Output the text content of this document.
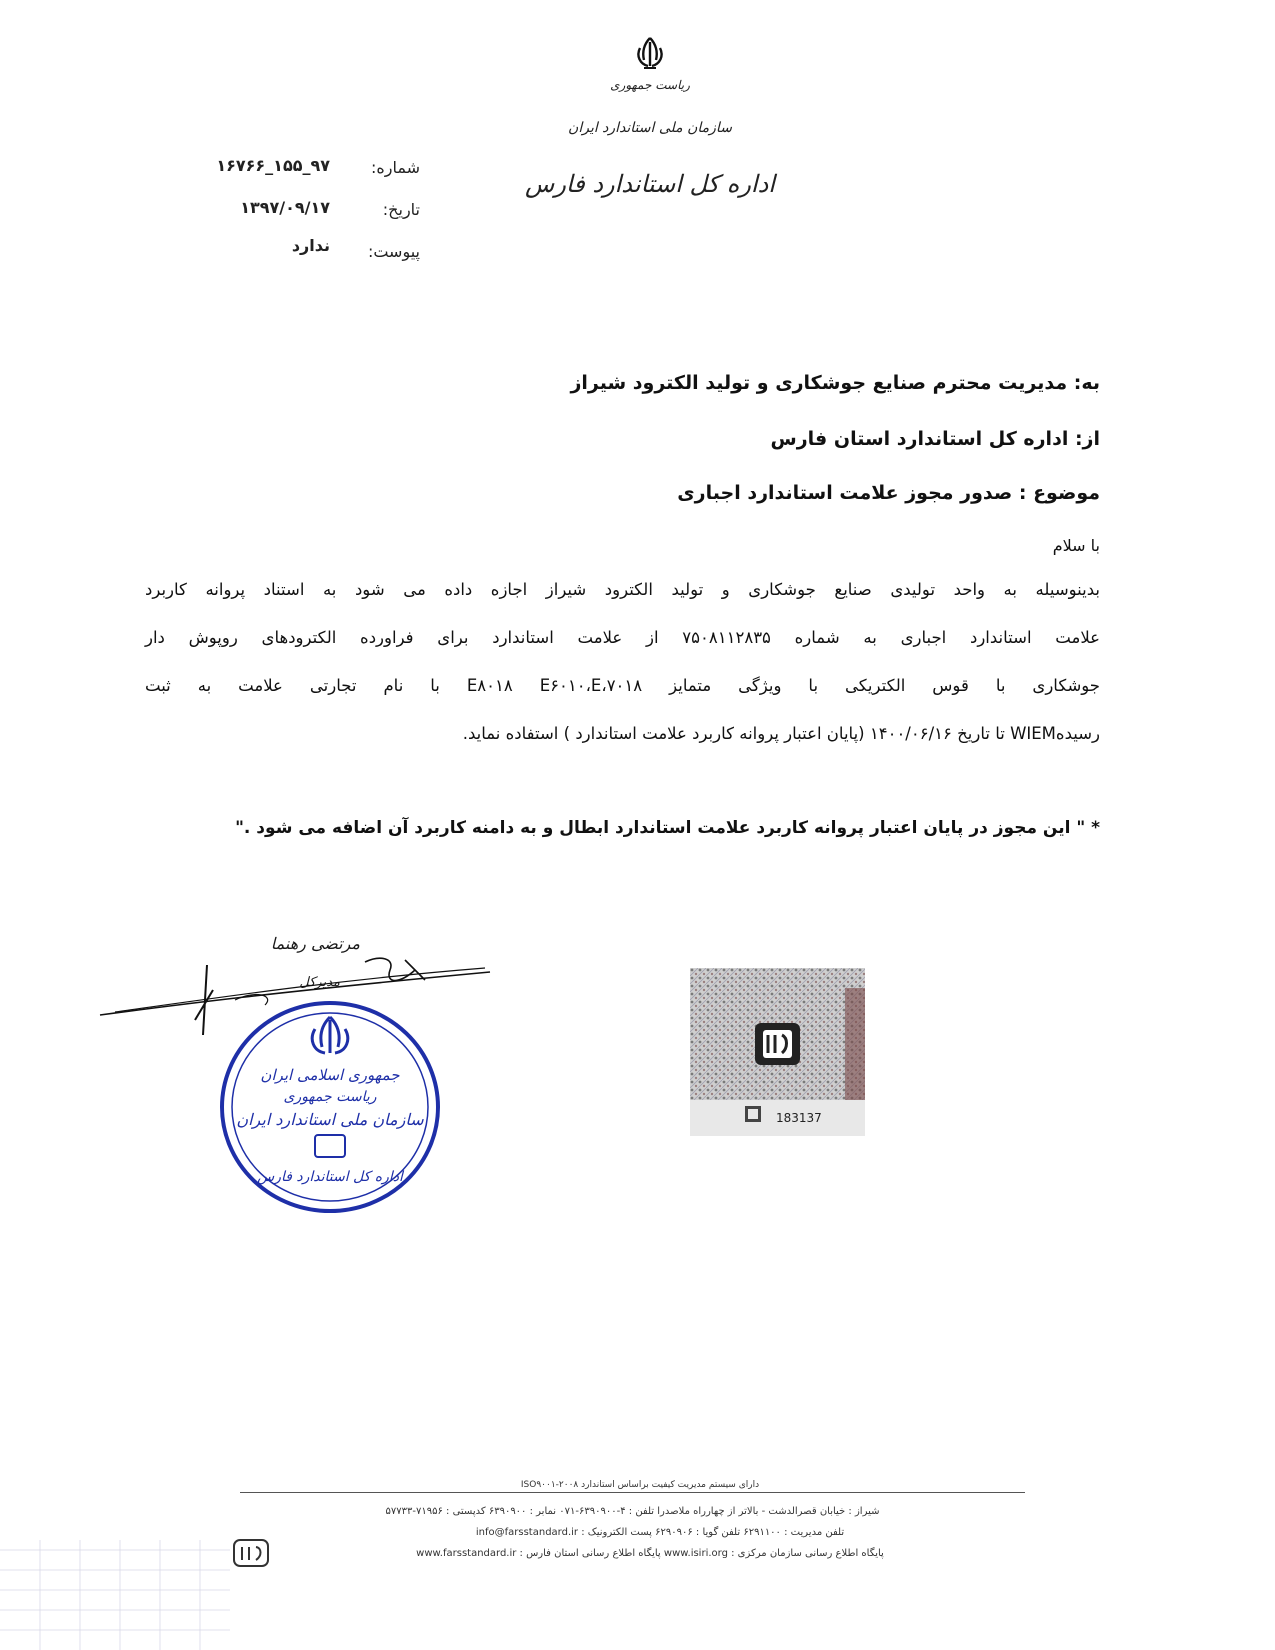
ریاست جمهوری
سازمان ملی استاندارد ایران
اداره کل استاندارد فارس
شماره:
۹۷_۱۵۵_۱۶۷۶۶
تاریخ:
۱۳۹۷/۰۹/۱۷
پیوست:
ندارد
به: مدیریت محترم صنایع جوشکاری و تولید الکترود شیراز
از: اداره کل استاندارد استان فارس
موضوع : صدور مجوز علامت استاندارد اجباری
با سلام
بدینوسیله به واحد تولیدی صنایع جوشکاری و تولید الکترود شیراز اجازه داده می شود به استناد پروانه کاربرد
علامت استاندارد اجباری به شماره ۷۵۰۸۱۱۲۸۳۵ از علامت استاندارد برای فراورده الکترودهای روپوش دار
جوشکاری با قوس الکتریکی با ویژگی متمایز ۷۰۱۸،E۸۰۱۸ E۶۰۱۰،E با نام تجارتی علامت به ثبت
رسیدهWIEM تا تاریخ ۱۴۰۰/۰۶/۱۶ (پایان اعتبار پروانه کاربرد علامت استاندارد ) استفاده نماید.
* " این مجوز در پایان اعتبار پروانه کاربرد علامت استاندارد ابطال و به دامنه کاربرد آن اضافه می شود ."
مرتضی رهنما
مدیرکل
جمهوری اسلامی ایران
ریاست جمهوری
سازمان ملی استاندارد ایران
اداره کل استاندارد فارس
183137
دارای سیستم مدیریت کیفیت براساس استاندارد ISO۹۰۰۱-۲۰۰۸
شیراز : خیابان قصرالدشت - بالاتر از چهارراه ملاصدرا تلفن : ۴-۶۳۹۰۹۰۰-۰۷۱ نمابر : ۶۳۹۰۹۰۰ کدپستی : ۷۱۹۵۶-۵۷۷۳۳
تلفن مدیریت : ۶۲۹۱۱۰۰ تلفن گویا : ۶۲۹۰۹۰۶ پست الکترونیک : info@farsstandard.ir
پایگاه اطلاع رسانی سازمان مرکزی : www.isiri.org پایگاه اطلاع رسانی استان فارس : www.farsstandard.ir
